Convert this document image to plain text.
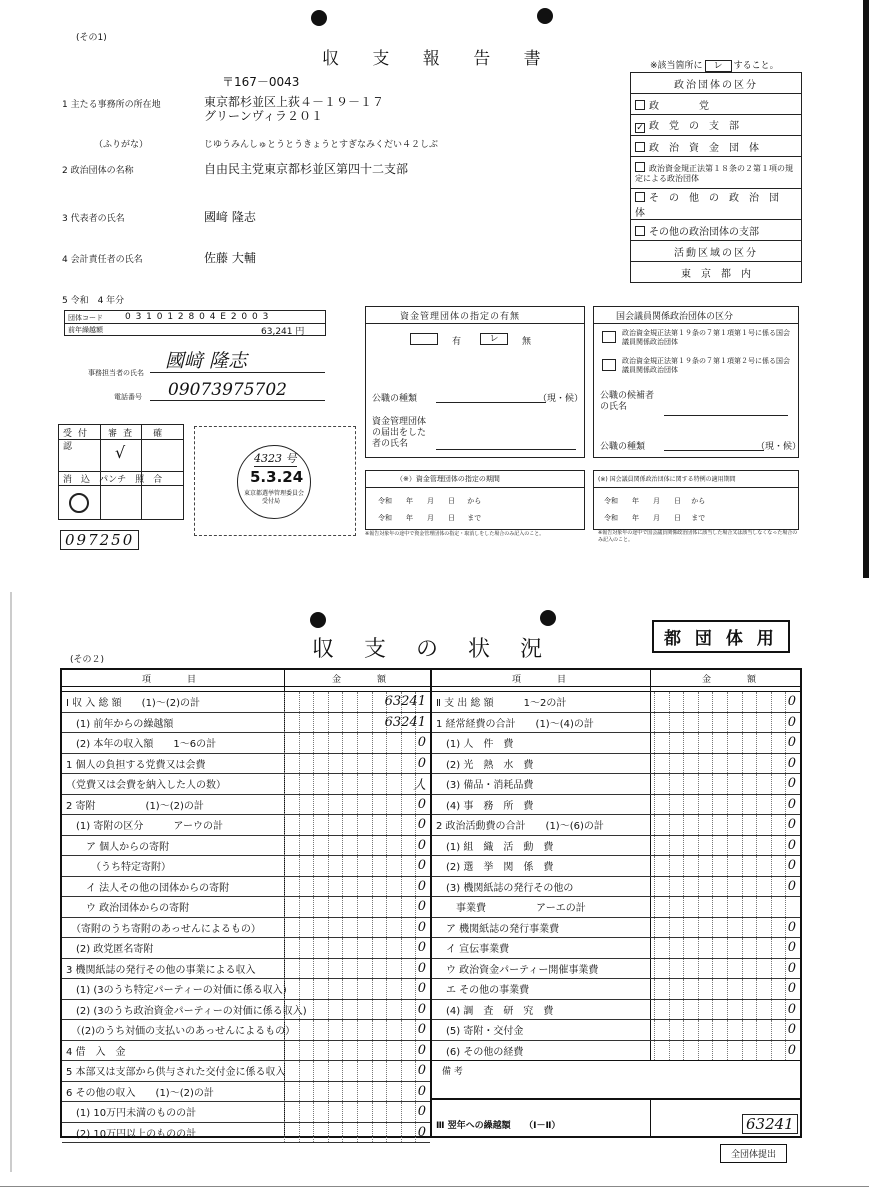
(その1)
収 支 報 告 書	※該当箇所に レ すること。
〒167－0043
1 主たる事務所の所在地	東京都杉並区上荻４－１９－１７
グリーンヴィラ２０１
（ふりがな）	じゆうみんしゅとうとうきょうとすぎなみくだい４２しぶ
2 政治団体の名称	自由民主党東京都杉並区第四十二支部
3 代表者の氏名	國﨑 隆志
4 会計責任者の氏名	佐藤 大輔
5 令和　4 年分
団体コード 0 3 1 0 1 2 8 0 4 E 2 0 0 3
前年繰越額	63,241 円
事務担当者の氏名
國﨑 隆志
電話番号 09073975702
受付　 審査　 確認	√
消　 込　 パンチ　 照　 合
097250
4323 号
5.3.24
東京都選挙管理委員会
受付局
政治団体の区分
政　　　　党
✓ 政　党　の　支　部
政　治　資　金　団　体
政治資金規正法第１８条の２第１項の規定による政治団体
そ　の　他　の　政　治　団　体
その他の政治団体の支部
活動区域の区分
東　京　都　内
資金管理団体の指定の有無
有	レ	無
公職の種類	（現・候）
資金管理団体の届出をした者の氏名
（※）資金管理団体の指定の期間
令和　　年　　月　　日 から
令和　　年　　月　　日 まで
※報告対象年の途中で資金管理団体の指定・取消しをした場合のみ記入のこと。
国会議員関係政治団体の区分
政治資金規正法第１９条の７第１項第１号に係る国会議員関係政治団体
政治資金規正法第１９条の７第１項第２号に係る国会議員関係政治団体
公職の候補者の氏名
公職の種類	（現・候）
(※) 国会議員関係政治団体に関する特例の適用期間
令和　　年　　月　　日 から
令和　　年　　月　　日 まで
※報告対象年の途中で国会議員関係政治団体に該当した場合又は該当しなくなった場合のみ記入のこと。
収　支　の　状　況	都 団 体 用
(その２)
項　　　　目	金　　　　額	項　　　　目	金　　　　額
Ⅰ 収 入 総 額　　(1)～(2)の計	63241
　(1) 前年からの繰越額	63241
　(2) 本年の収入額　　1～6の計	0
1 個人の負担する党費又は会費	0
（党費又は会費を納入した人の数）	人
2 寄附　　　　　(1)～(2)の計	0
　(1) 寄附の区分　　　アーウの計	0
　　ア 個人からの寄附	0
　　　（うち特定寄附）	0
　　イ 法人その他の団体からの寄附	0
　　ウ 政治団体からの寄附	0
　（寄附のうち寄附のあっせんによるもの）	0
　(2) 政党匿名寄附	0
3 機関紙誌の発行その他の事業による収入	0
　(1) (3のうち特定パーティーの対価に係る収入)	0
　(2) (3のうち政治資金パーティーの対価に係る収入)	0
　（(2)のうち対価の支払いのあっせんによるもの）	0
4 借　入　金	0
5 本部又は支部から供与された交付金に係る収入	0
6 その他の収入　　(1)～(2)の計	0
　(1) 10万円未満のものの計	0
　(2) 10万円以上のものの計	0
Ⅱ 支 出 総 額　　　1～2の計	0
1 経常経費の合計　　(1)～(4)の計	0
　(1) 人　件　費	0
　(2) 光　熱　水　費	0
　(3) 備品・消耗品費	0
　(4) 事　務　所　費	0
2 政治活動費の合計　　(1)～(6)の計	0
　(1) 組　織　活　動　費	0
　(2) 選　挙　関　係　費	0
　(3) 機関紙誌の発行その他の	0
　　事業費　　　　　アーエの計
　ア 機関紙誌の発行事業費	0
　イ 宣伝事業費	0
　ウ 政治資金パーティー開催事業費	0
　エ その他の事業費	0
　(4) 調　査　研　究　費	0
　(5) 寄附・交付金	0
　(6) その他の経費	0
備 考
Ⅲ 翌年への繰越額　　（Ⅰ－Ⅱ）	63241
全団体提出
